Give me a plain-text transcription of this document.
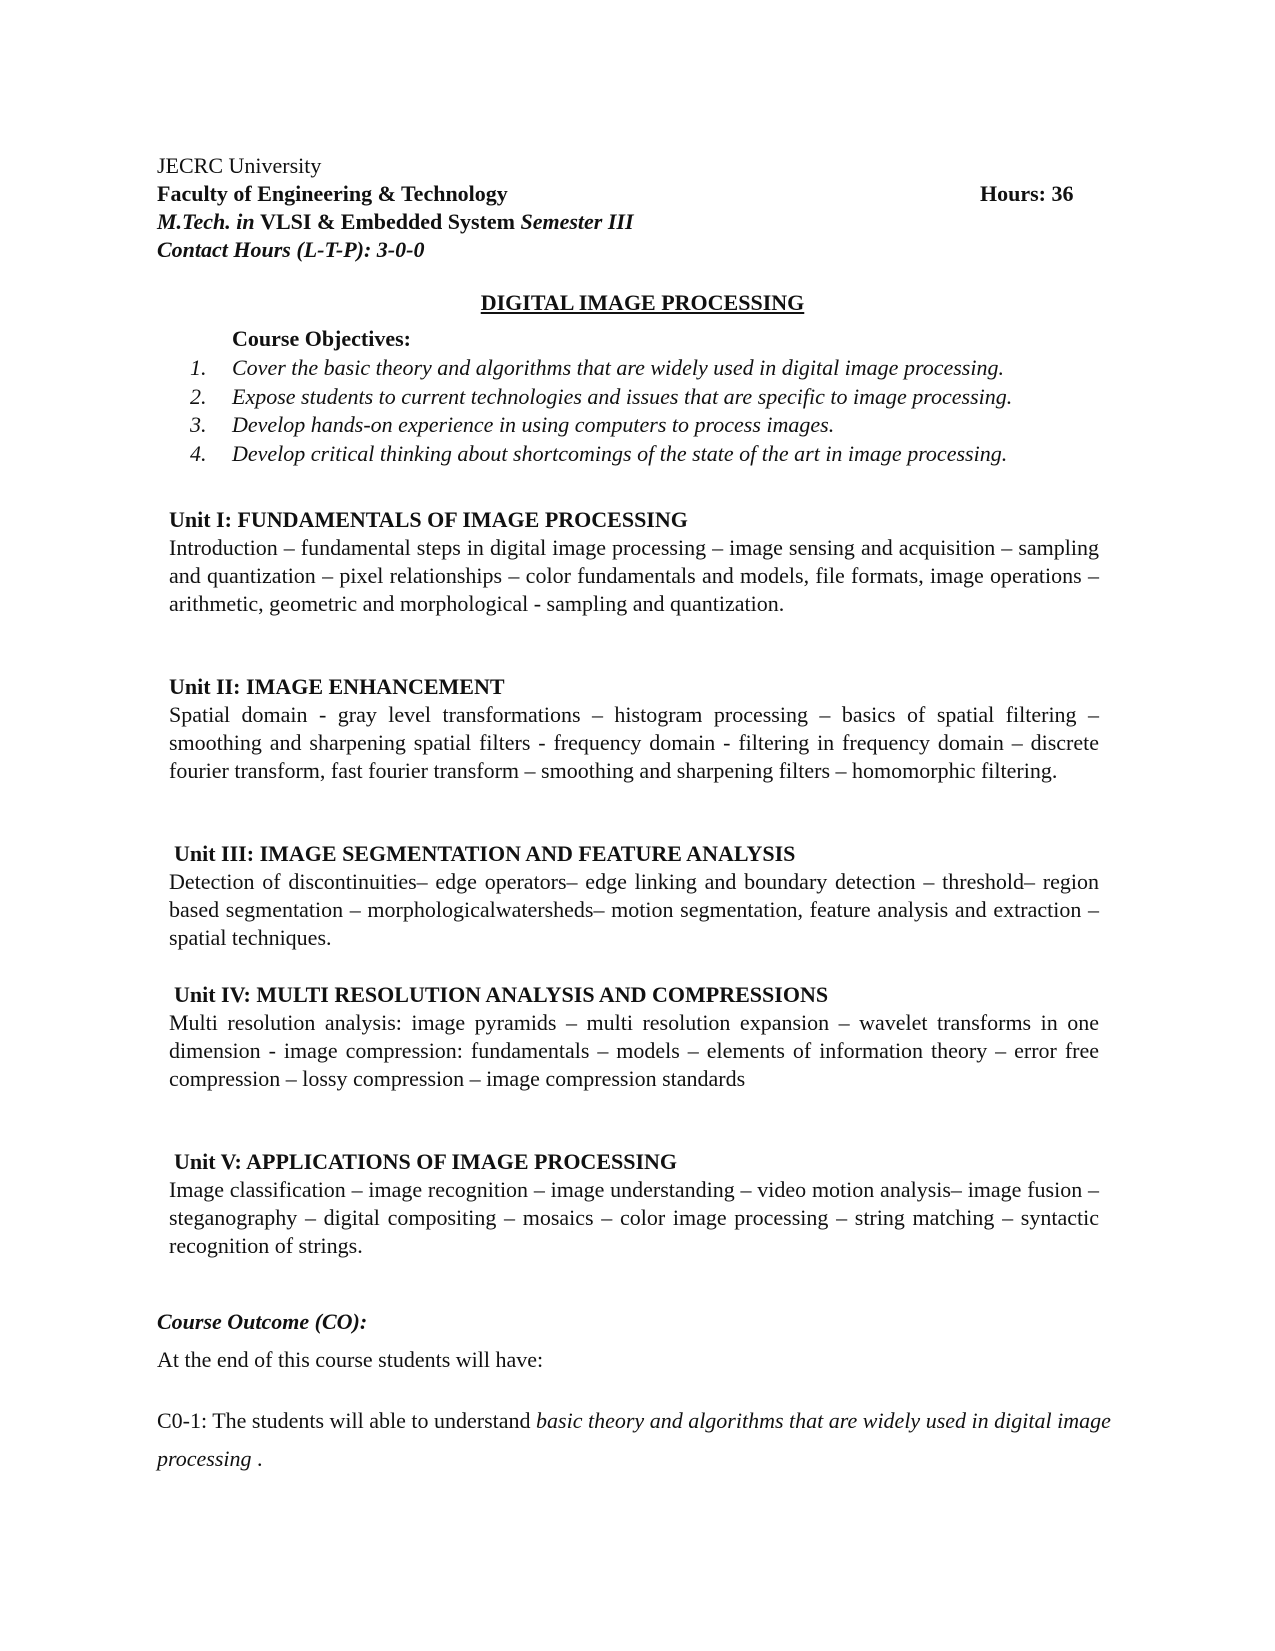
JECRC University
Faculty of Engineering & Technology	Hours: 36
M.Tech. in VLSI & Embedded System Semester III
Contact Hours (L-T-P): 3-0-0
DIGITAL IMAGE PROCESSING
Course Objectives:
1. Cover the basic theory and algorithms that are widely used in digital image processing.
2. Expose students to current technologies and issues that are specific to image processing.
3. Develop hands-on experience in using computers to process images.
4. Develop critical thinking about shortcomings of the state of the art in image processing.
Unit I: FUNDAMENTALS OF IMAGE PROCESSING

Introduction – fundamental steps in digital image processing – image sensing and acquisition – sampling and quantization – pixel relationships – color fundamentals and models, file formats, image operations – arithmetic, geometric and morphological - sampling and quantization.

Unit II: IMAGE ENHANCEMENT

Spatial domain - gray level transformations – histogram processing – basics of spatial filtering – smoothing and sharpening spatial filters - frequency domain - filtering in frequency domain – discrete fourier transform, fast fourier transform – smoothing and sharpening filters – homomorphic filtering.

Unit III: IMAGE SEGMENTATION AND FEATURE ANALYSIS

Detection of discontinuities– edge operators– edge linking and boundary detection – threshold– region based segmentation – morphologicalwatersheds– motion segmentation, feature analysis and extraction – spatial techniques.

Unit IV: MULTI RESOLUTION ANALYSIS AND COMPRESSIONS

Multi resolution analysis: image pyramids – multi resolution expansion – wavelet transforms in one dimension - image compression: fundamentals – models – elements of information theory – error free compression – lossy compression – image compression standards

Unit V: APPLICATIONS OF IMAGE PROCESSING

Image classification – image recognition – image understanding – video motion analysis– image fusion – steganography – digital compositing – mosaics – color image processing – string matching – syntactic recognition of strings.

Course Outcome (CO):
At the end of this course students will have:

C0-1: The students will able to understand basic theory and algorithms that are widely used in digital image processing .
